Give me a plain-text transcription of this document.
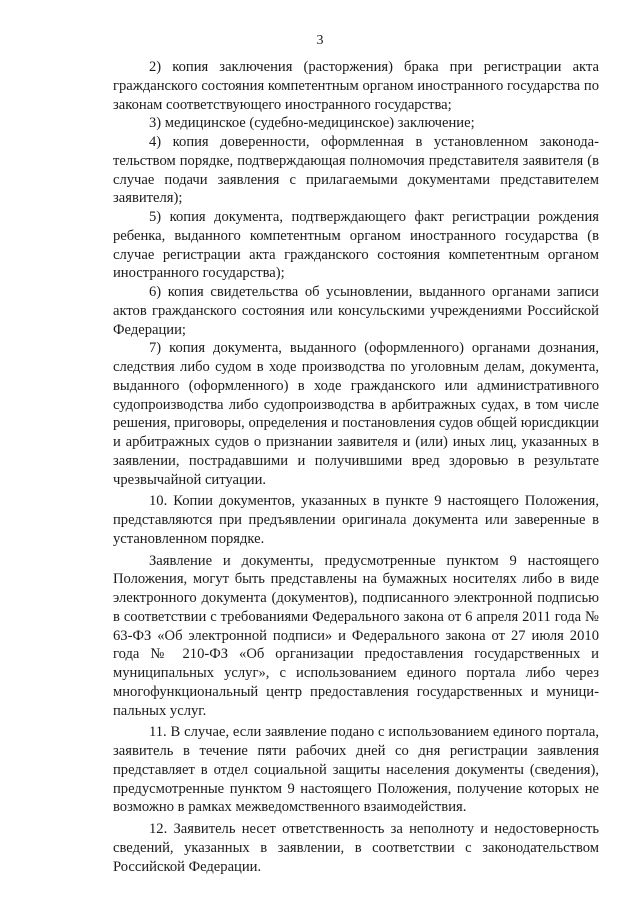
3

2) копия заключения (расторжения) брака при регистрации акта гражданского состояния компетентным органом иностранного государства по законам соответствующего иностранного государства;

3) медицинское (судебно-медицинское) заключение;

4) копия доверенности, оформленная в установленном законодательством порядке, подтверждающая полномочия представителя заявителя (в случае подачи заявления с прилагаемыми документами представителем заявителя);

5) копия документа, подтверждающего факт регистрации рождения ребенка, выданного компетентным органом иностранного государства (в случае регистрации акта гражданского состояния компетентным органом иностранного государства);

6) копия свидетельства об усыновлении, выданного органами записи актов гражданского состояния или консульскими учреждениями Российской Федерации;

7) копия документа, выданного (оформленного) органами дознания, следствия либо судом в ходе производства по уголовным делам, документа, выданного (оформленного) в ходе гражданского или административного судопроизводства либо судопроизводства в арбитражных судах, в том числе решения, приговоры, определения и постановления судов общей юрисдикции и арбитражных судов о признании заявителя и (или) иных лиц, указанных в заявлении, пострадавшими и получившими вред здоровью в результате чрезвычайной ситуации.

10. Копии документов, указанных в пункте 9 настоящего Положения, представляются при предъявлении оригинала документа или заверенные в установленном порядке.

Заявление и документы, предусмотренные пунктом 9 настоящего Положения, могут быть представлены на бумажных носителях либо в виде электронного документа (документов), подписанного электронной подписью в соответствии с требованиями Федерального закона от 6 апреля 2011 года № 63-ФЗ «Об электронной подписи» и Федерального закона от 27 июля 2010 года № 210-ФЗ «Об организации предоставления государственных и муниципальных услуг», с использованием единого портала либо через многофункциональный центр предоставления государственных и муниципальных услуг.

11. В случае, если заявление подано с использованием единого портала, заявитель в течение пяти рабочих дней со дня регистрации заявления представляет в отдел социальной защиты населения документы (сведения), предусмотренные пунктом 9 настоящего Положения, получение которых не возможно в рамках межведомственного взаимодействия.

12. Заявитель несет ответственность за неполноту и недостоверность сведений, указанных в заявлении, в соответствии с законодательством Российской Федерации.
